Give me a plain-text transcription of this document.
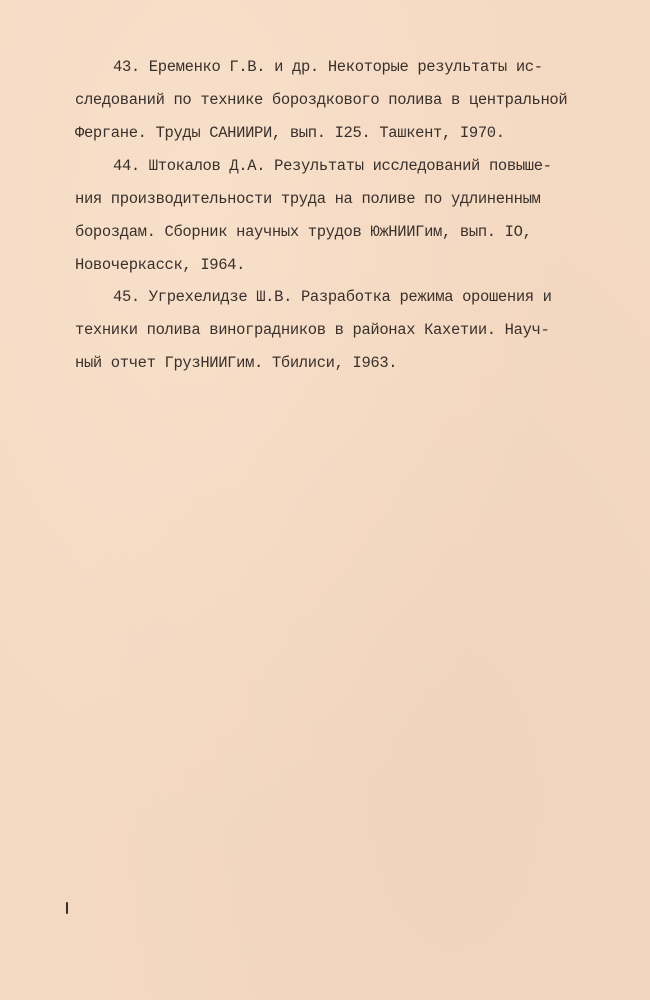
43. Еременко Г.В. и др. Некоторые результаты ис-
следований по технике бороздкового полива в центральной
Фергане. Труды САНИИРИ, вып. I25. Ташкент, I970.
44. Штокалов Д.А. Результаты исследований повыше-
ния производительности труда на поливе по удлиненным
бороздам. Сборник научных трудов ЮжНИИГим, вып. IO,
Новочеркасск, I964.
45. Угрехелидзе Ш.В. Разработка режима орошения и
техники полива виноградников в районах Кахетии. Науч-
ный отчет ГрузНИИГим. Тбилиси, I963.
